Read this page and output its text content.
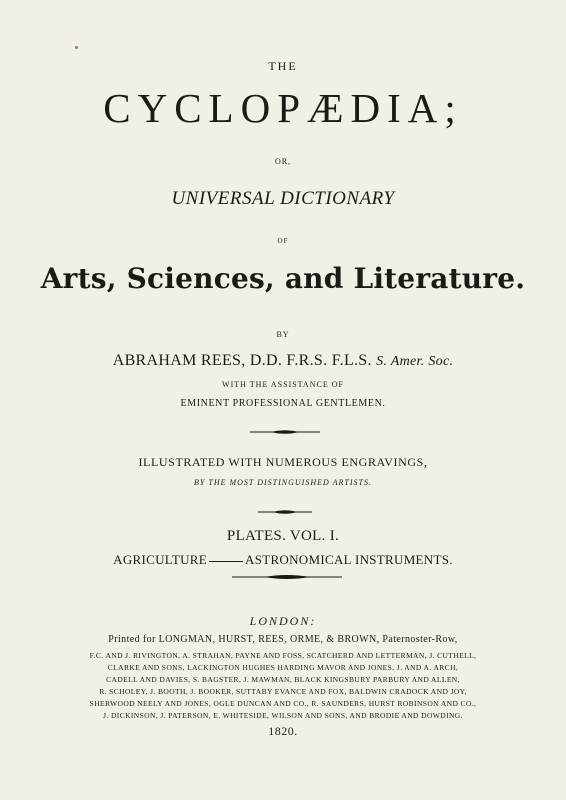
THE
CYCLOPÆDIA;
OR,
UNIVERSAL DICTIONARY
OF
Arts, Sciences, and Literature.
BY
ABRAHAM REES, D.D. F.R.S. F.L.S. S. Amer. Soc.
WITH THE ASSISTANCE OF
EMINENT PROFESSIONAL GENTLEMEN.
ILLUSTRATED WITH NUMEROUS ENGRAVINGS,
BY THE MOST DISTINGUISHED ARTISTS.
PLATES. VOL. I.
AGRICULTURE	ASTRONOMICAL INSTRUMENTS.
LONDON:
Printed for LONGMAN, HURST, REES, ORME, & BROWN, Paternoster-Row,
F.C. AND J. RIVINGTON, A. STRAHAN, PAYNE AND FOSS, SCATCHERD AND LETTERMAN, J. CUTHELL,
CLARKE AND SONS, LACKINGTON HUGHES HARDING MAVOR AND JONES, J. AND A. ARCH,
CADELL AND DAVIES, S. BAGSTER, J. MAWMAN, BLACK KINGSBURY PARBURY AND ALLEN,
R. SCHOLEY, J. BOOTH, J. BOOKER, SUTTABY EVANCE AND FOX, BALDWIN CRADOCK AND JOY,
SHERWOOD NEELY AND JONES, OGLE DUNCAN AND CO., R. SAUNDERS, HURST ROBINSON AND CO.,
J. DICKINSON, J. PATERSON, E. WHITESIDE, WILSON AND SONS, AND BRODIE AND DOWDING.
1820.
